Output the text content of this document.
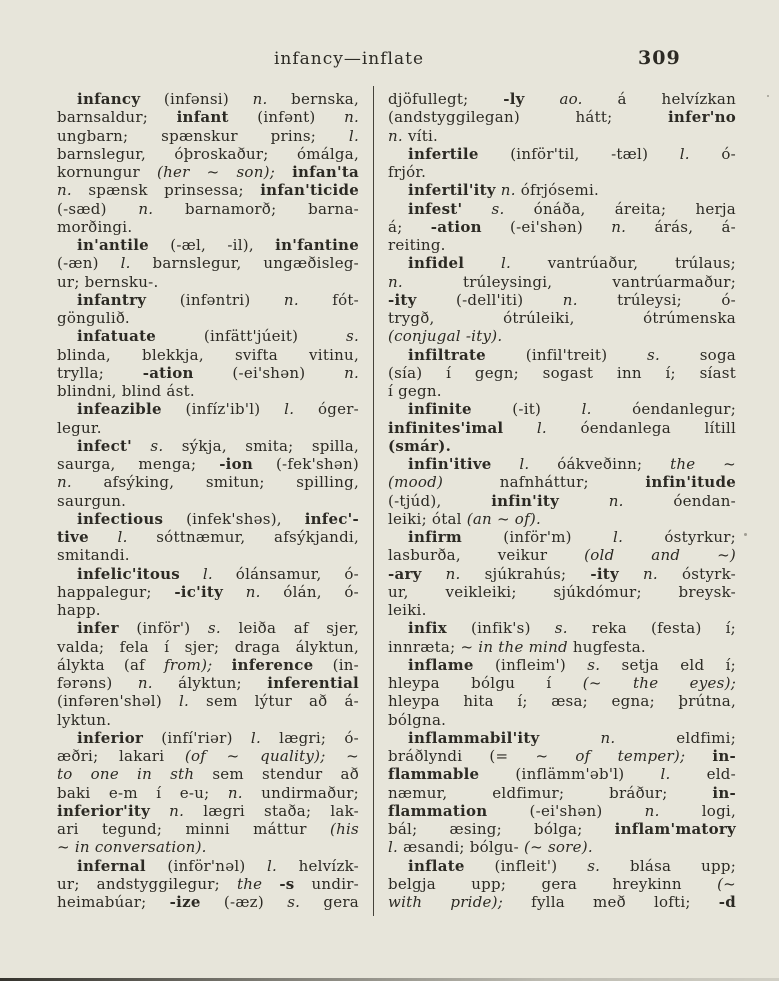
infancy—inflate	309
infancy (infənsi) n. bernska,
barnsaldur; infant (infənt) n.
ungbarn; spænskur prins; l.
barnslegur, óþroskaður; ómálga,
kornungur (her ~ son); infan'ta
n. spænsk prinsessa; infan'ticide
(-sæd) n. barnamorð; barna-
morðingi.
in'antile (-æl, -il), in'fantine
(-æn) l. barnslegur, ungæðisleg-
ur; bernsku-.
infantry (infəntri) n. fót-
göngulið.
infatuate (infätt'júeit) s.
blinda, blekkja, svifta vitinu,
trylla; -ation (-ei'shən) n.
blindni, blind ást.
infeazible (infíz'ib'l) l. óger-
legur.
infect' s. sýkja, smita; spilla,
saurga, menga; -ion (-fek'shən)
n. afsýking, smitun; spilling,
saurgun.
infectious (infek'shəs), infec'-
tive l. sóttnæmur, afsýkjandi,
smitandi.
infelic'itous l. ólánsamur, ó-
happalegur; -ic'ity n. ólán, ó-
happ.
infer (inför') s. leiða af sjer,
valda; fela í sjer; draga ályktun,
álykta (af from); inference (in-
fərəns) n. ályktun; inferential
(infəren'shəl) l. sem lýtur að á-
lyktun.
inferior (infí'riər) l. lægri; ó-
æðri; lakari (of ~ quality); ~
to one in sth sem stendur að
baki e-m í e-u; n. undirmaður;
inferior'ity n. lægri staða; lak-
ari tegund; minni máttur (his
~ in conversation).
infernal (inför'nəl) l. helvízk-
ur; andstyggilegur; the -s undir-
heimabúar; -ize (-æz) s. gera
djöfullegt; -ly ao. á helvízkan
(andstyggilegan) hátt; infer'no
n. víti.
infertile (inför'til, -tæl) l. ó-
frjór.
infertil'ity n. ófrjósemi.
infest' s. ónáða, áreita; herja
á; -ation (-ei'shən) n. árás, á-
reiting.
infidel l. vantrúaður, trúlaus;
n. trúleysingi, vantrúarmaður;
-ity (-dell'iti) n. trúleysi; ó-
trygð, ótrúleiki, ótrúmenska
(conjugal -ity).
infiltrate (infil'treit) s. soga
(sía) í gegn; sogast inn í; síast
í gegn.
infinite (-it) l. óendanlegur;
infinites'imal l. óendanlega lítill
(smár).
infin'itive l. óákveðinn; the ~
(mood) nafnháttur; infin'itude
(-tjúd), infin'ity	n. óendan-
leiki; ótal (an ~ of).
infirm (inför'm) l. óstyrkur;
lasburða, veikur (old and ~)
-ary n. sjúkrahús; -ity n. óstyrk-
ur, veikleiki; sjúkdómur; breysk-
leiki.
infix (infik's) s. reka (festa) í;
innræta; ~ in the mind hugfesta.
inflame (infleim') s. setja eld í;
hleypa bólgu í (~ the eyes);
hleypa hita í; æsa; egna; þrútna,
bólgna.
inflammabil'ity	n. eldfimi;
bráðlyndi (= ~ of temper); in-
flammable (inflämm'əb'l) l. eld-
næmur, eldfimur; bráður; in-
flammation (-ei'shən) n. logi,
bál; æsing; bólga; inflam'matory
l. æsandi; bólgu- (~ sore).
inflate (infleit') s. blása upp;
belgja upp; gera hreykinn (~
with pride); fylla með lofti; -d
